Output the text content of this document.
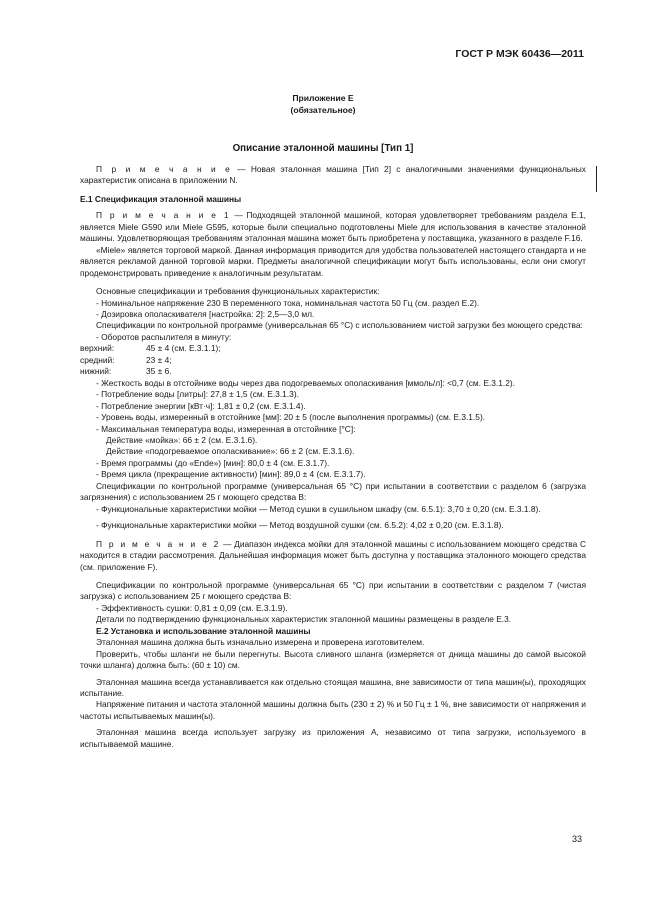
ГОСТ Р МЭК 60436—2011
Приложение Е
(обязательное)
Описание эталонной машины [Тип 1]

П р и м е ч а н и е — Новая эталонная машина [Тип 2] с аналогичными значениями функциональных характеристик описана в приложении N.

Е.1 Спецификация эталонной машины

П р и м е ч а н и е 1 — Подходящей эталонной машиной, которая удовлетворяет требованиям раздела Е.1, является Miele G590 или Miele G595, которые были специально подготовлены Miele для использования в качестве эталонной машины. Удовлетворяющая требованиям эталонная машина может быть приобретена у поставщика, указанного в разделе F.16.

«Miele» является торговой маркой. Данная информация приводится для удобства пользователей настоящего стандарта и не является рекламой данной торговой марки. Предметы аналогичной спецификации могут быть использованы, если они смогут продемонстрировать приведение к аналогичным результатам.

Основные спецификации и требования функциональных характеристик:

- Номинальное напряжение 230 В переменного тока, номинальная частота 50 Гц (см. раздел Е.2).

- Дозировка ополаскивателя [настройка: 2]: 2,5—3,0 мл.

Спецификации по контрольной программе (универсальная 65 °C) с использованием чистой загрузки без моющего средства:

- Оборотов распылителя в минуту:

верхний:	45 ± 4 (см. Е.3.1.1);
средний:	23 ± 4;
нижний:	35 ± 6.

- Жесткость воды в отстойнике воды через два подогреваемых ополаскивания [ммоль/л]: <0,7 (см. Е.3.1.2).

- Потребление воды [литры]: 27,8 ± 1,5 (см. Е.3.1.3).

- Потребление энергии [кВт·ч]: 1,81 ± 0,2 (см. Е.3.1.4).

- Уровень воды, измеренный в отстойнике [мм]: 20 ± 5 (после выполнения программы) (см. Е.3.1.5).

- Максимальная температура воды, измеренная в отстойнике [°C]:

Действие «мойка»: 66 ± 2 (см. Е.3.1.6).

Действие «подогреваемое ополаскивание»: 66 ± 2 (см. Е.3.1.6).

- Время программы (до «Ende») [мин]: 80,0 ± 4 (см. Е.3.1.7).

- Время цикла (прекращение активности) [мин]: 89,0 ± 4 (см. Е.3.1.7).

Спецификации по контрольной программе (универсальная 65 °C) при испытании в соответствии с разделом 6 (загрузка загрязнения) с использованием 25 г моющего средства В:

- Функциональные характеристики мойки — Метод сушки в сушильном шкафу (см. 6.5.1): 3,70 ± 0,20 (см. Е.3.1.8).

- Функциональные характеристики мойки — Метод воздушной сушки (см. 6.5.2): 4,02 ± 0,20 (см. Е.3.1.8).

П р и м е ч а н и е 2 — Диапазон индекса мойки для эталонной машины с использованием моющего средства С находится в стадии рассмотрения. Дальнейшая информация может быть доступна у поставщика эталонного моющего средства (см. приложение F).

Спецификации по контрольной программе (универсальная 65 °C) при испытании в соответствии с разделом 7 (чистая загрузка) с использованием 25 г моющего средства В:

- Эффективность сушки: 0,81 ± 0,09 (см. Е.3.1.9).

Детали по подтверждению функциональных характеристик эталонной машины размещены в разделе Е.3.

Е.2 Установка и использование эталонной машины

Эталонная машина должна быть изначально измерена и проверена изготовителем.

Проверить, чтобы шланги не были перегнуты. Высота сливного шланга (измеряется от днища машины до самой высокой точки шланга) должна быть: (60 ± 10) см.

Эталонная машина всегда устанавливается как отдельно стоящая машина, вне зависимости от типа машин(ы), проходящих испытание.

Напряжение питания и частота эталонной машины должна быть (230 ± 2) % и 50 Гц ± 1 %, вне зависимости от напряжения и частоты испытываемых машин(ы).

Эталонная машина всегда использует загрузку из приложения А, независимо от типа загрузки, используемого в испытываемой машине.

33
